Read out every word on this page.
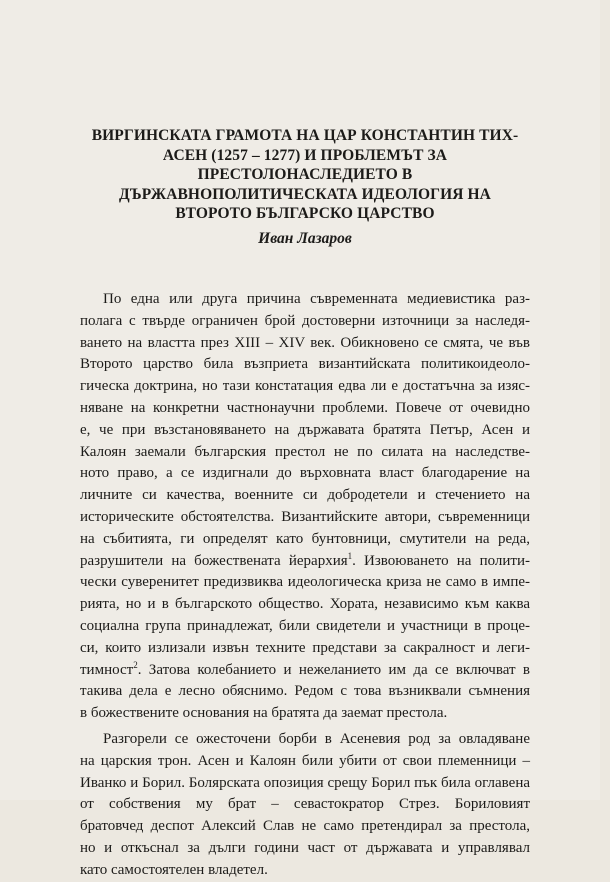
ВИРГИНСКАТА ГРАМОТА НА ЦАР КОНСТАНТИН ТИХ-
АСЕН (1257 – 1277) И ПРОБЛЕМЪТ ЗА
ПРЕСТОЛОНАСЛЕДИЕТО В
ДЪРЖАВНОПОЛИТИЧЕСКАТА ИДЕОЛОГИЯ НА
ВТОРОТО БЪЛГАРСКО ЦАРСТВО
Иван Лазаров
По една или друга причина съвременната медиевистика раз-
полага с твърде ограничен брой достоверни източници за наследя-
ването на властта през XIII – XIV век. Обикновено се смята, че във
Второто царство била възприета византийската политикоидеоло-
гическа доктрина, но тази констатация едва ли е достатъчна за изяс-
няване на конкретни частнонаучни проблеми. Повече от очевидно
е, че при възстановяването на държавата братята Петър, Асен и
Калоян заемали българския престол не по силата на наследстве-
ното право, а се издигнали до върховната власт благодарение на
личните си качества, военните си добродетели и стечението на
историческите обстоятелства. Византийските автори, съвременници
на събитията, ги определят като бунтовници, смутители на реда,
разрушители на божествената йерархия$^1$. Извоюването на полити-
чески суверенитет предизвиква идеологическа криза не само в импе-
рията, но и в българското общество. Хората, независимо към каква
социална група принадлежат, били свидетели и участници в проце-
си, които излизали извън техните представи за сакралност и леги-
тимност$^2$. Затова колебанието и нежеланието им да се включват в
такива дела е лесно обяснимо. Редом с това възниквали съмнения
в божествените основания на братята да заемат престола.
Разгорели се ожесточени борби в Асеневия род за овладяване
на царския трон. Асен и Калоян били убити от свои племенници –
Иванко и Борил. Болярската опозиция срещу Борил пък била оглавена
от собствения му брат – севастократор Стрез. Бориловият
братовчед деспот Алексий Слав не само претендирал за престола,
но и откъснал за дълги години част от държавата и управлявал
като самостоятелен владетел.
